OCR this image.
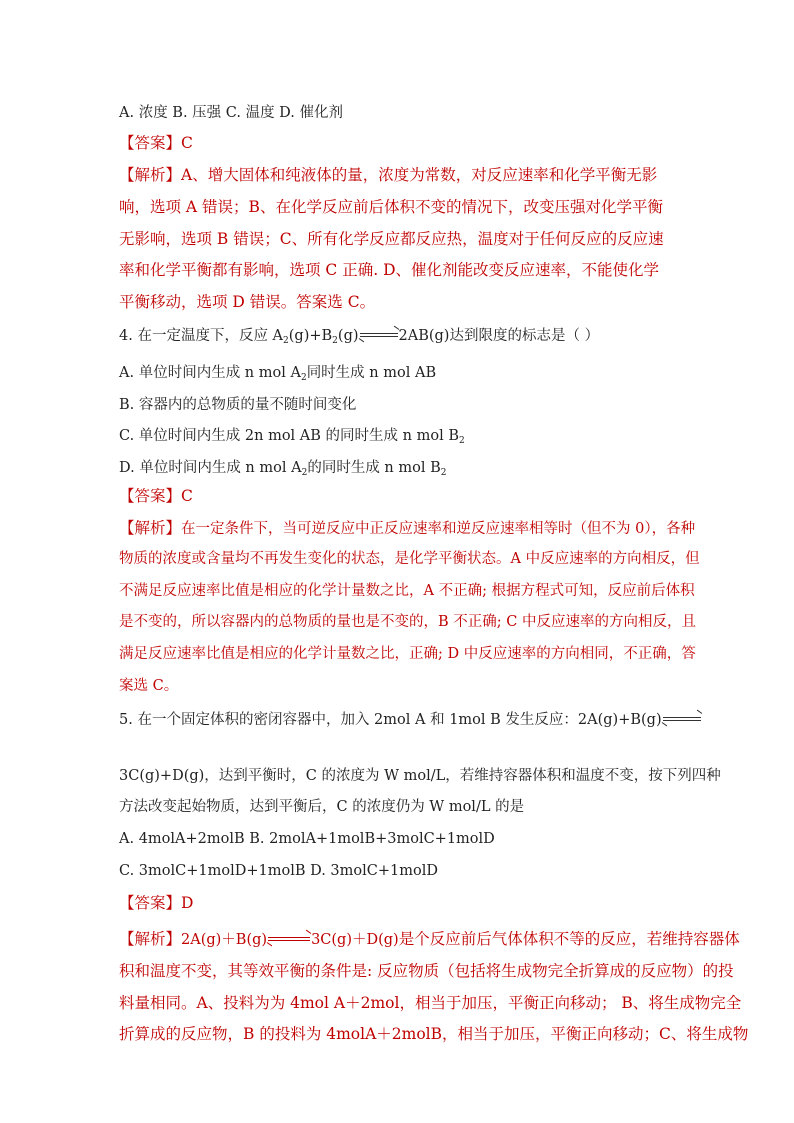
A. 浓度 B. 压强 C. 温度 D. 催化剂
【答案】C
【解析】A、增大固体和纯液体的量，浓度为常数，对反应速率和化学平衡无影
响，选项 A 错误；B、在化学反应前后体积不变的情况下，改变压强对化学平衡
无影响，选项 B 错误；C、所有化学反应都反应热，温度对于任何反应的反应速
率和化学平衡都有影响，选项 C 正确. D、催化剂能改变反应速率，不能使化学
平衡移动，选项 D 错误。答案选 C。
4. 在一定温度下，反应 $A_2(g)+B_2(g)$	2AB(g)达到限度的标志是（ ）
A. 单位时间内生成 n mol $A_2$同时生成 n mol AB
B. 容器内的总物质的量不随时间变化
C. 单位时间内生成 2n mol AB 的同时生成 n mol $B_2$
D. 单位时间内生成 n mol $A_2$的同时生成 n mol $B_2$
【答案】C
【解析】在一定条件下，当可逆反应中正反应速率和逆反应速率相等时（但不为 0），各种
物质的浓度或含量均不再发生变化的状态，是化学平衡状态。A 中反应速率的方向相反，但
不满足反应速率比值是相应的化学计量数之比，A 不正确; 根据方程式可知，反应前后体积
是不变的，所以容器内的总物质的量也是不变的，B 不正确; C 中反应速率的方向相反，且
满足反应速率比值是相应的化学计量数之比，正确; D 中反应速率的方向相同，不正确，答
案选 C。
5. 在一个固定体积的密闭容器中，加入 2mol A 和 1mol B 发生反应：2A(g)+B(g)
3C(g)+D(g)，达到平衡时，C 的浓度为 W mol/L，若维持容器体积和温度不变，按下列四种
方法改变起始物质，达到平衡后，C 的浓度仍为 W mol/L 的是
A. 4molA+2molB B. 2molA+1molB+3molC+1molD
C. 3molC+1molD+1molB D. 3molC+1molD
【答案】D
【解析】2A(g)＋B(g)	3C(g)＋D(g)是个反应前后气体体积不等的反应，若维持容器体
积和温度不变，其等效平衡的条件是: 反应物质（包括将生成物完全折算成的反应物）的投
料量相同。A、投料为为 4mol A＋2mol，相当于加压，平衡正向移动； B、将生成物完全
折算成的反应物，B 的投料为 4molA＋2molB，相当于加压，平衡正向移动；C、将生成物
